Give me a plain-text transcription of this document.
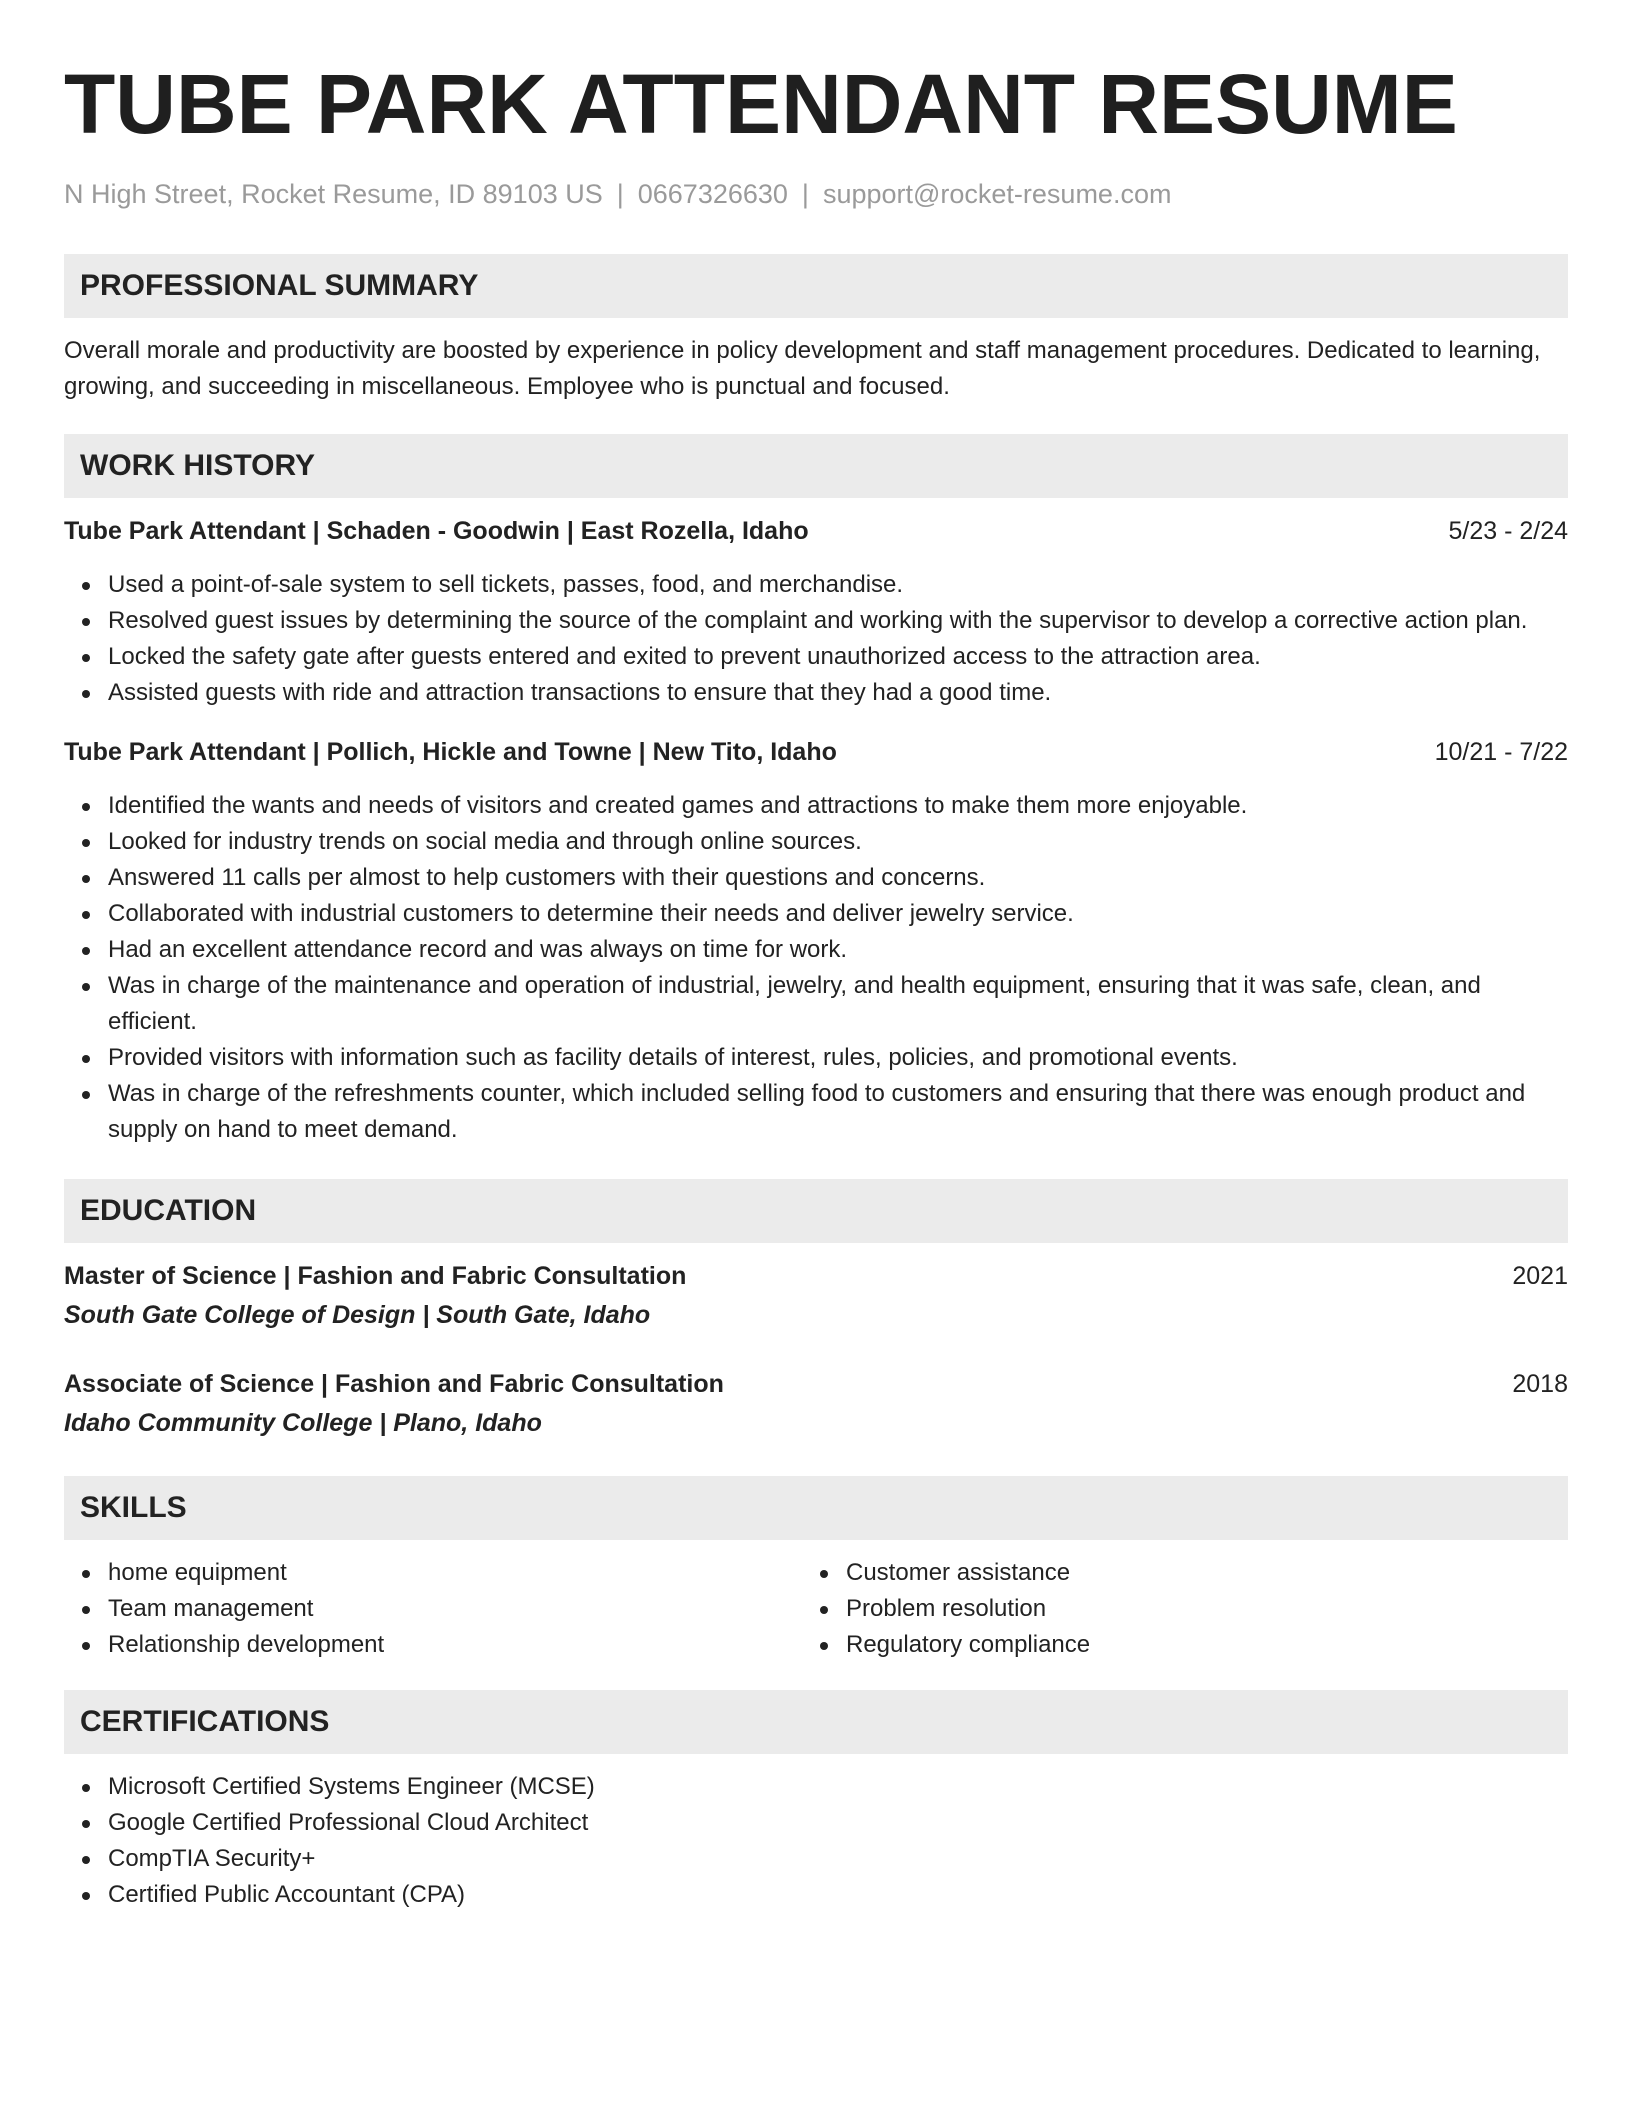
TUBE PARK ATTENDANT RESUME
N High Street, Rocket Resume, ID 89103 US | 0667326630 | support@rocket-resume.com
PROFESSIONAL SUMMARY
Overall morale and productivity are boosted by experience in policy development and staff management procedures. Dedicated to learning, growing, and succeeding in miscellaneous. Employee who is punctual and focused.
WORK HISTORY
Tube Park Attendant | Schaden - Goodwin | East Rozella, Idaho	5/23 - 2/24
Used a point-of-sale system to sell tickets, passes, food, and merchandise.
Resolved guest issues by determining the source of the complaint and working with the supervisor to develop a corrective action plan.
Locked the safety gate after guests entered and exited to prevent unauthorized access to the attraction area.
Assisted guests with ride and attraction transactions to ensure that they had a good time.
Tube Park Attendant | Pollich, Hickle and Towne | New Tito, Idaho	10/21 - 7/22
Identified the wants and needs of visitors and created games and attractions to make them more enjoyable.
Looked for industry trends on social media and through online sources.
Answered 11 calls per almost to help customers with their questions and concerns.
Collaborated with industrial customers to determine their needs and deliver jewelry service.
Had an excellent attendance record and was always on time for work.
Was in charge of the maintenance and operation of industrial, jewelry, and health equipment, ensuring that it was safe, clean, and efficient.
Provided visitors with information such as facility details of interest, rules, policies, and promotional events.
Was in charge of the refreshments counter, which included selling food to customers and ensuring that there was enough product and supply on hand to meet demand.
EDUCATION
Master of Science | Fashion and Fabric Consultation	2021
South Gate College of Design | South Gate, Idaho
Associate of Science | Fashion and Fabric Consultation	2018
Idaho Community College | Plano, Idaho
SKILLS
home equipment
Team management
Relationship development
Customer assistance
Problem resolution
Regulatory compliance
CERTIFICATIONS
Microsoft Certified Systems Engineer (MCSE)
Google Certified Professional Cloud Architect
CompTIA Security+
Certified Public Accountant (CPA)
